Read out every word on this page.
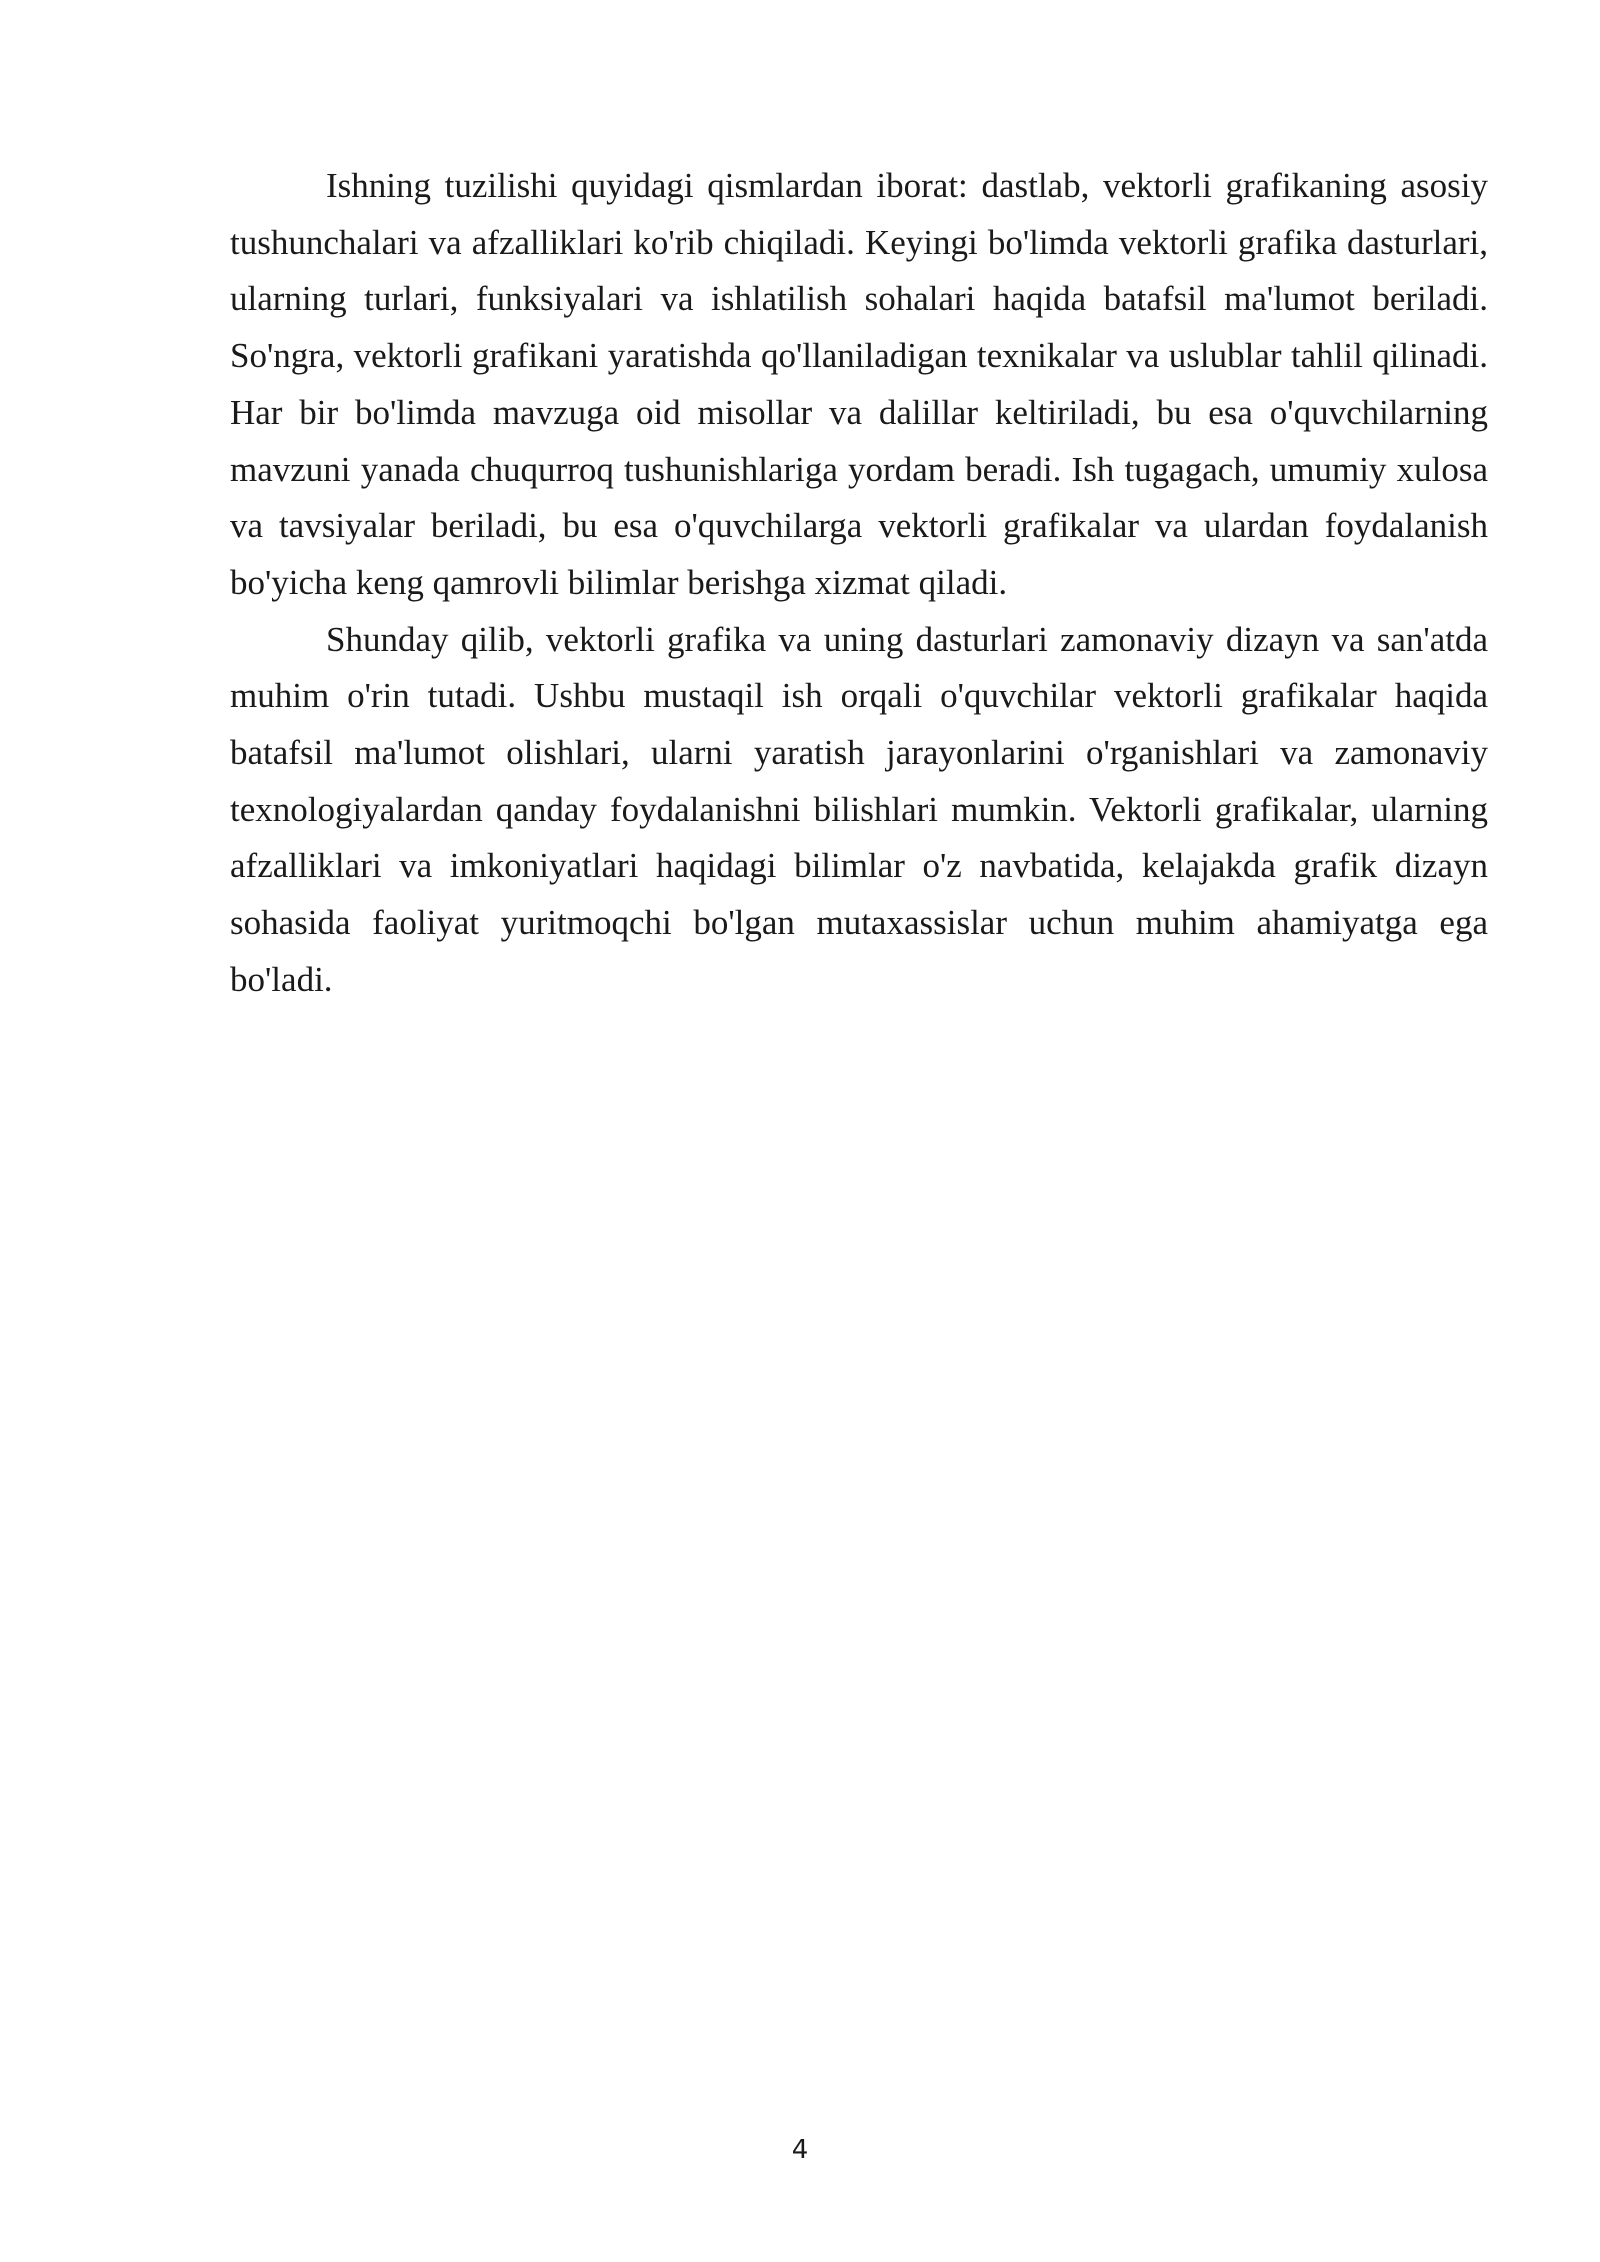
Ishning tuzilishi quyidagi qismlardan iborat: dastlab, vektorli grafikaning asosiy tushunchalari va afzalliklari ko'rib chiqiladi. Keyingi bo'limda vektorli grafika dasturlari, ularning turlari, funksiyalari va ishlatilish sohalari haqida batafsil ma'lumot beriladi. So'ngra, vektorli grafikani yaratishda qo'llaniladigan texnikalar va uslublar tahlil qilinadi. Har bir bo'limda mavzuga oid misollar va dalillar keltiriladi, bu esa o'quvchilarning mavzuni yanada chuqurroq tushunishlariga yordam beradi. Ish tugagach, umumiy xulosa va tavsiyalar beriladi, bu esa o'quvchilarga vektorli grafikalar va ulardan foydalanish bo'yicha keng qamrovli bilimlar berishga xizmat qiladi.

Shunday qilib, vektorli grafika va uning dasturlari zamonaviy dizayn va san'atda muhim o'rin tutadi. Ushbu mustaqil ish orqali o'quvchilar vektorli grafikalar haqida batafsil ma'lumot olishlari, ularni yaratish jarayonlarini o'rganishlari va zamonaviy texnologiyalardan qanday foydalanishni bilishlari mumkin. Vektorli grafikalar, ularning afzalliklari va imkoniyatlari haqidagi bilimlar o'z navbatida, kelajakda grafik dizayn sohasida faoliyat yuritmoqchi bo'lgan mutaxassislar uchun muhim ahamiyatga ega bo'ladi.

4
